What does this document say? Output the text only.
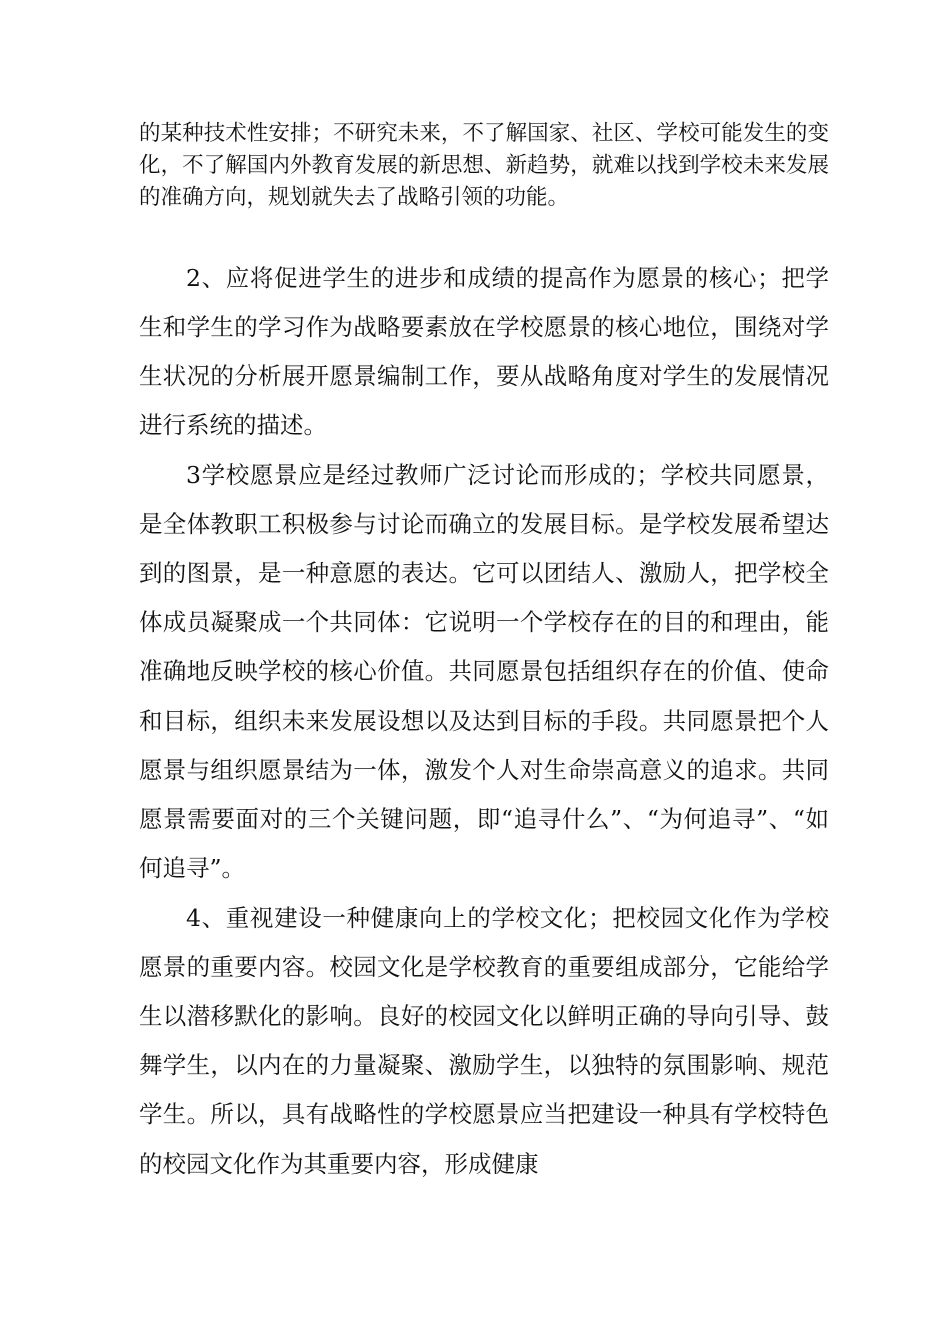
的某种技术性安排；不研究未来，不了解国家、社区、学校可能发生的变化，不了解国内外教育发展的新思想、新趋势，就难以找到学校未来发展的准确方向，规划就失去了战略引领的功能。

2、应将促进学生的进步和成绩的提高作为愿景的核心；把学生和学生的学习作为战略要素放在学校愿景的核心地位，围绕对学生状况的分析展开愿景编制工作，要从战略角度对学生的发展情况进行系统的描述。

3学校愿景应是经过教师广泛讨论而形成的；学校共同愿景，是全体教职工积极参与讨论而确立的发展目标。是学校发展希望达到的图景，是一种意愿的表达。它可以团结人、激励人，把学校全体成员凝聚成一个共同体：它说明一个学校存在的目的和理由，能准确地反映学校的核心价值。共同愿景包括组织存在的价值、使命和目标，组织未来发展设想以及达到目标的手段。共同愿景把个人愿景与组织愿景结为一体，激发个人对生命崇高意义的追求。共同愿景需要面对的三个关键问题，即“追寻什么”、“为何追寻”、“如何追寻”。

4、重视建设一种健康向上的学校文化；把校园文化作为学校愿景的重要内容。校园文化是学校教育的重要组成部分，它能给学生以潜移默化的影响。良好的校园文化以鲜明正确的导向引导、鼓舞学生，以内在的力量凝聚、激励学生，以独特的氛围影响、规范学生。所以，具有战略性的学校愿景应当把建设一种具有学校特色的校园文化作为其重要内容，形成健康
